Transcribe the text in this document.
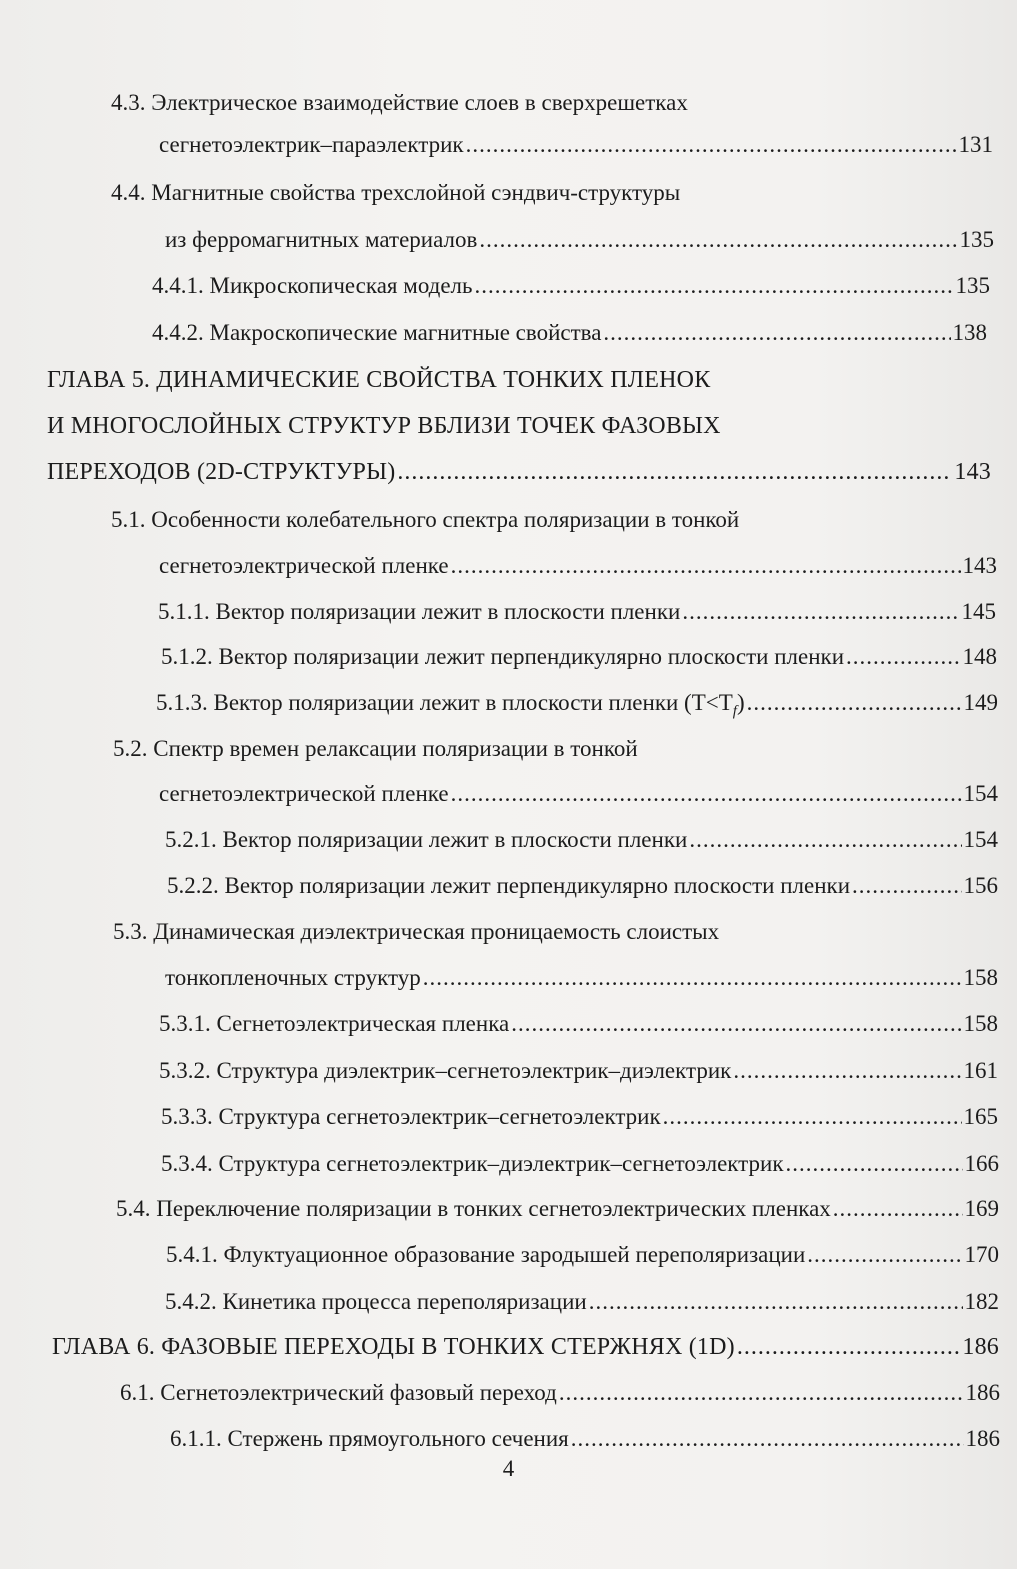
4.3. Электрическое взаимодействие слоев в сверхрешетках
сегнетоэлектрик–параэлектрик .....	131
4.4. Магнитные свойства трехслойной сэндвич-структуры
из ферромагнитных материалов .....	135
4.4.1. Микроскопическая модель .....	135
4.4.2. Макроскопические магнитные свойства .....	138
ГЛАВА 5. ДИНАМИЧЕСКИЕ СВОЙСТВА ТОНКИХ ПЛЕНОК
И МНОГОСЛОЙНЫХ СТРУКТУР ВБЛИЗИ ТОЧЕК ФАЗОВЫХ
ПЕРЕХОДОВ (2D-СТРУКТУРЫ) .....	143
5.1. Особенности колебательного спектра поляризации в тонкой
сегнетоэлектрической пленке .....	143
5.1.1. Вектор поляризации лежит в плоскости пленки .....	145
5.1.2. Вектор поляризации лежит перпендикулярно плоскости пленки .....	148
5.1.3. Вектор поляризации лежит в плоскости пленки $(T<T_f)$ .....	149
5.2. Спектр времен релаксации поляризации в тонкой
сегнетоэлектрической пленке .....	154
5.2.1. Вектор поляризации лежит в плоскости пленки .....	154
5.2.2. Вектор поляризации лежит перпендикулярно плоскости пленки .....	156
5.3. Динамическая диэлектрическая проницаемость слоистых
тонкопленочных структур .....	158
5.3.1. Сегнетоэлектрическая пленка .....	158
5.3.2. Структура диэлектрик–сегнетоэлектрик–диэлектрик .....	161
5.3.3. Структура сегнетоэлектрик–сегнетоэлектрик .....	165
5.3.4. Структура сегнетоэлектрик–диэлектрик–сегнетоэлектрик .....	166
5.4. Переключение поляризации в тонких сегнетоэлектрических пленках .....	169
5.4.1. Флуктуационное образование зародышей переполяризации .....	170
5.4.2. Кинетика процесса переполяризации .....	182
ГЛАВА 6. ФАЗОВЫЕ ПЕРЕХОДЫ В ТОНКИХ СТЕРЖНЯХ (1D) .....	186
6.1. Сегнетоэлектрический фазовый переход .....	186
6.1.1. Стержень прямоугольного сечения .....	186
4
